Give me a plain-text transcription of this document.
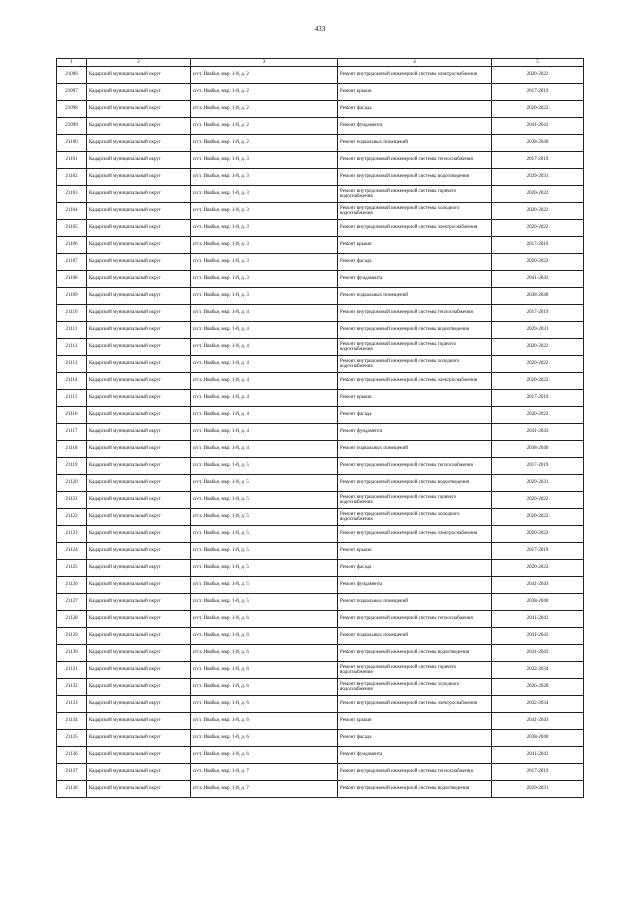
433
1	2	3	4	5
21096	Кадарский муниципальный округ	п/ст. Ивабья, мкр. 1-й, д. 2	Ремонт внутридомовой инженерной системы электроснабжения	2020-2022
21097	Кадарский муниципальный округ	п/ст. Ивабья, мкр. 1-й, д. 2	Ремонт крыши	2017-2019
21098	Кадарский муниципальный округ	п/ст. Ивабья, мкр. 1-й, д. 2	Ремонт фасада	2020-2022
21099	Кадарский муниципальный округ	п/ст. Ивабья, мкр. 1-й, д. 2	Ремонт фундамента	2041-2043
21100	Кадарский муниципальный округ	п/ст. Ивабья, мкр. 1-й, д. 2	Ремонт подвальных помещений	2038-2040
21101	Кадарский муниципальный округ	п/ст. Ивабья, мкр. 1-й, д. 3	Ремонт внутридомовой инженерной системы теплоснабжения	2017-2019
21102	Кадарский муниципальный округ	п/ст. Ивабья, мкр. 1-й, д. 3	Ремонт внутридомовой инженерной системы водоотведения	2029-2031
21103	Кадарский муниципальный округ	п/ст. Ивабья, мкр. 1-й, д. 3	Ремонт внутридомовой инженерной системы горячего водоснабжения	2020-2022
21104	Кадарский муниципальный округ	п/ст. Ивабья, мкр. 1-й, д. 3	Ремонт внутридомовой инженерной системы холодного водоснабжения	2020-2022
21105	Кадарский муниципальный округ	п/ст. Ивабья, мкр. 1-й, д. 3	Ремонт внутридомовой инженерной системы электроснабжения	2020-2022
21106	Кадарский муниципальный округ	п/ст. Ивабья, мкр. 1-й, д. 3	Ремонт крыши	2017-2019
21107	Кадарский муниципальный округ	п/ст. Ивабья, мкр. 1-й, д. 3	Ремонт фасада	2020-2022
21108	Кадарский муниципальный округ	п/ст. Ивабья, мкр. 1-й, д. 3	Ремонт фундамента	2041-2043
21109	Кадарский муниципальный округ	п/ст. Ивабья, мкр. 1-й, д. 3	Ремонт подвальных помещений	2038-2040
21110	Кадарский муниципальный округ	п/ст. Ивабья, мкр. 1-й, д. 4	Ремонт внутридомовой инженерной системы теплоснабжения	2017-2019
21111	Кадарский муниципальный округ	п/ст. Ивабья, мкр. 1-й, д. 4	Ремонт внутридомовой инженерной системы водоотведения	2029-2031
21112	Кадарский муниципальный округ	п/ст. Ивабья, мкр. 1-й, д. 4	Ремонт внутридомовой инженерной системы горячего водоснабжения	2020-2022
21113	Кадарский муниципальный округ	п/ст. Ивабья, мкр. 1-й, д. 4	Ремонт внутридомовой инженерной системы холодного водоснабжения	2020-2022
21114	Кадарский муниципальный округ	п/ст. Ивабья, мкр. 1-й, д. 4	Ремонт внутридомовой инженерной системы электроснабжения	2020-2022
21115	Кадарский муниципальный округ	п/ст. Ивабья, мкр. 1-й, д. 4	Ремонт крыши	2017-2019
21116	Кадарский муниципальный округ	п/ст. Ивабья, мкр. 1-й, д. 4	Ремонт фасада	2020-2022
21117	Кадарский муниципальный округ	п/ст. Ивабья, мкр. 1-й, д. 4	Ремонт фундамента	2041-2043
21118	Кадарский муниципальный округ	п/ст. Ивабья, мкр. 1-й, д. 4	Ремонт подвальных помещений	2038-2040
21119	Кадарский муниципальный округ	п/ст. Ивабья, мкр. 1-й, д. 5	Ремонт внутридомовой инженерной системы теплоснабжения	2017-2019
21120	Кадарский муниципальный округ	п/ст. Ивабья, мкр. 1-й, д. 5	Ремонт внутридомовой инженерной системы водоотведения	2029-2031
21121	Кадарский муниципальный округ	п/ст. Ивабья, мкр. 1-й, д. 5	Ремонт внутридомовой инженерной системы горячего водоснабжения	2020-2022
21122	Кадарский муниципальный округ	п/ст. Ивабья, мкр. 1-й, д. 5	Ремонт внутридомовой инженерной системы холодного водоснабжения	2020-2022
21123	Кадарский муниципальный округ	п/ст. Ивабья, мкр. 1-й, д. 5	Ремонт внутридомовой инженерной системы электроснабжения	2020-2022
21124	Кадарский муниципальный округ	п/ст. Ивабья, мкр. 1-й, д. 5	Ремонт крыши	2017-2019
21125	Кадарский муниципальный округ	п/ст. Ивабья, мкр. 1-й, д. 5	Ремонт фасада	2020-2022
21126	Кадарский муниципальный округ	п/ст. Ивабья, мкр. 1-й, д. 5	Ремонт фундамента	2041-2043
21127	Кадарский муниципальный округ	п/ст. Ивабья, мкр. 1-й, д. 5	Ремонт подвальных помещений	2038-2040
21128	Кадарский муниципальный округ	п/ст. Ивабья, мкр. 1-й, д. 6	Ремонт внутридомовой инженерной системы теплоснабжения	2041-2043
21129	Кадарский муниципальный округ	п/ст. Ивабья, мкр. 1-й, д. 6	Ремонт подвальных помещений	2041-2043
21130	Кадарский муниципальный округ	п/ст. Ивабья, мкр. 1-й, д. 6	Ремонт внутридомовой инженерной системы водоотведения	2041-2043
21131	Кадарский муниципальный округ	п/ст. Ивабья, мкр. 1-й, д. 6	Ремонт внутридомовой инженерной системы горячего водоснабжения	2032-2034
21132	Кадарский муниципальный округ	п/ст. Ивабья, мкр. 1-й, д. 6	Ремонт внутридомовой инженерной системы холодного водоснабжения	2026-2028
21133	Кадарский муниципальный округ	п/ст. Ивабья, мкр. 1-й, д. 6	Ремонт внутридомовой инженерной системы электроснабжения	2032-2034
21134	Кадарский муниципальный округ	п/ст. Ивабья, мкр. 1-й, д. 6	Ремонт крыши	2041-2043
21135	Кадарский муниципальный округ	п/ст. Ивабья, мкр. 1-й, д. 6	Ремонт фасада	2038-2040
21136	Кадарский муниципальный округ	п/ст. Ивабья, мкр. 1-й, д. 6	Ремонт фундамента	2041-2043
21137	Кадарский муниципальный округ	п/ст. Ивабья, мкр. 1-й, д. 7	Ремонт внутридомовой инженерной системы теплоснабжения	2017-2019
21138	Кадарский муниципальный округ	п/ст. Ивабья, мкр. 1-й, д. 7	Ремонт внутридомовой инженерной системы водоотведения	2029-2031
